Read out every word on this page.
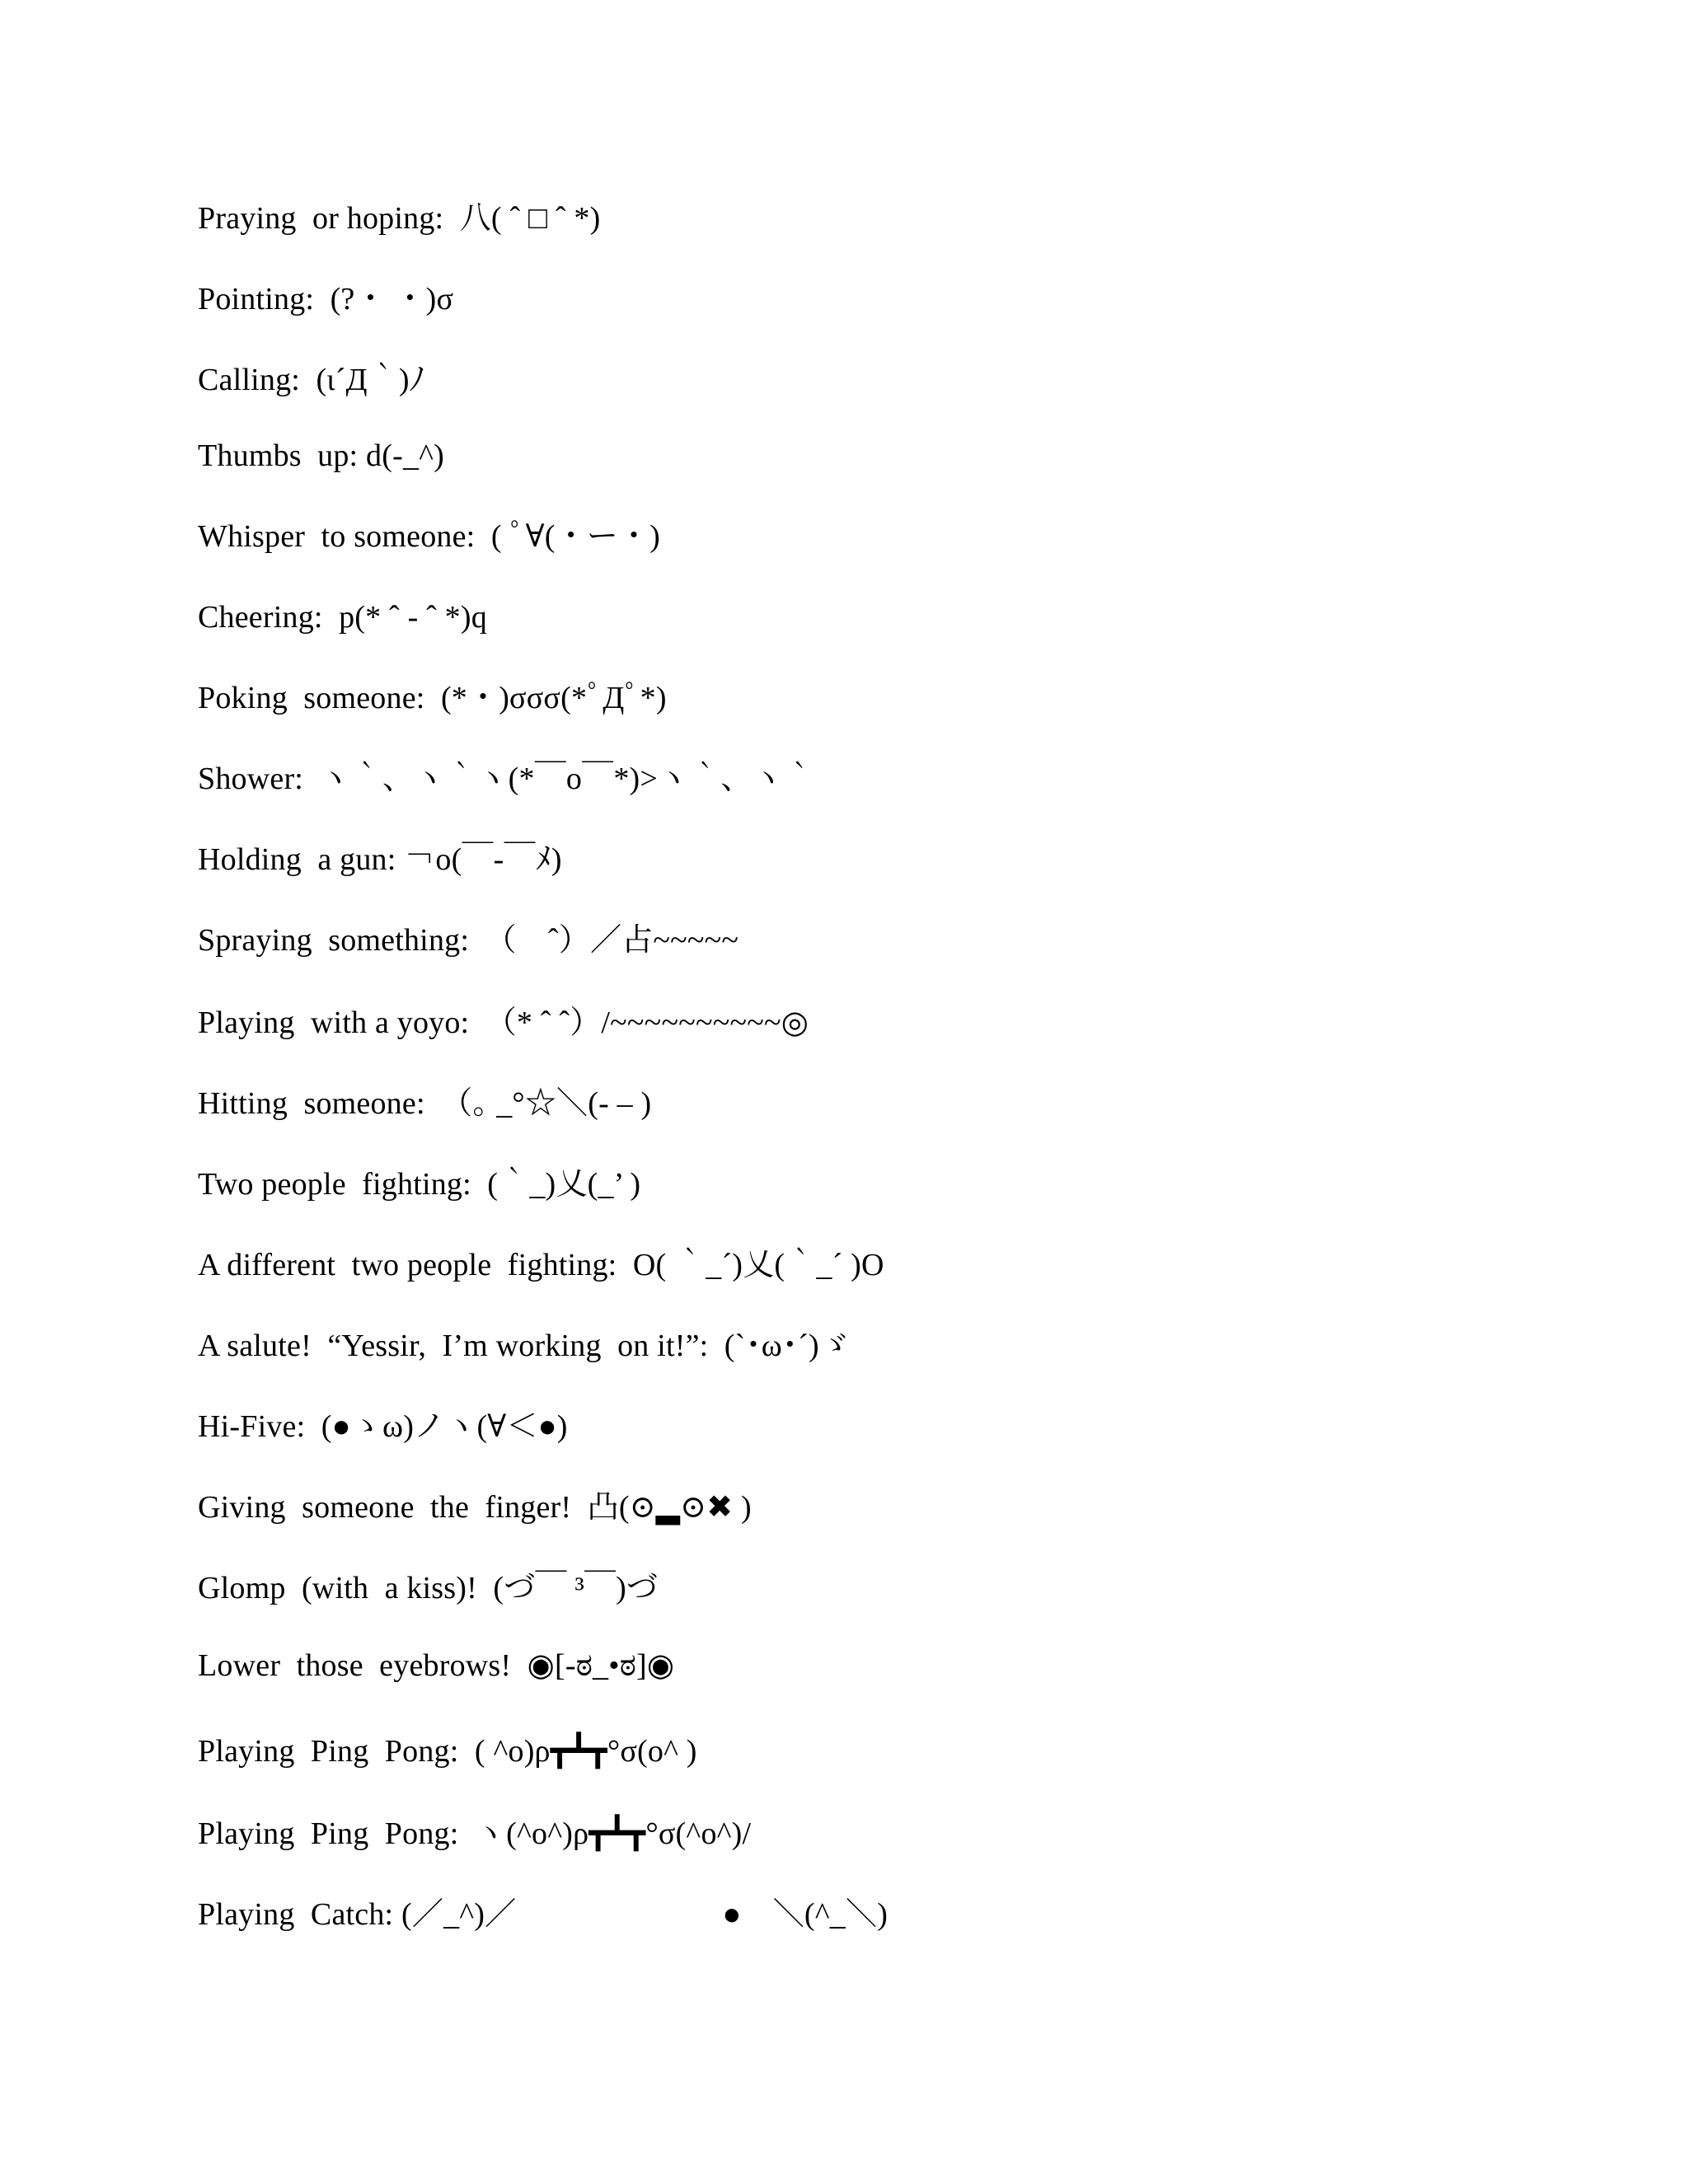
Praying  or hoping: 八( ˆ □ ˆ *)
Pointing: (?・ ・)σ
Calling: (ι´Д｀)ﾉ
Thumbs  up: d(-_^)
Whisper  to someone: ( ﾟ∀(・ー・)
Cheering: p(* ˆ - ˆ *)q
Poking  someone: (*・)σσσ(*ﾟДﾟ*)
Shower: ヽ｀、ヽ｀ヽ(*￣o￣*)>ヽ｀、ヽ｀
Holding  a gun: ￢o(￣-￣ﾒ)
Spraying  something: （　ˆ）／占~~~~~
Playing  with a yoyo: （* ˆ ˆ）/~~~~~~~~~~◎
Hitting  someone: （｡ _°☆＼(- – )
Two people  fighting: (｀_)乂(_’ )
A different  two people  fighting: O( ｀_´)乂(｀_´ )O
A salute!  “Yessir,  I’m working  on it!”: (`･ω･´)ゞ
Hi-Five: (●ゝω)ノヽ(∀＜●)
Giving  someone  the  finger! 凸(⊙▂⊙✖ )
Glomp  (with  a kiss)! (づ￣ ³￣)づ
Lower  those  eyebrows! ◉[-ಠ_•ಠ]◉
Playing  Ping  Pong: ( ^o)ρ┳┻┳°σ(o^ )
Playing  Ping  Pong: ヽ(^o^)ρ┳┻┳°σ(^o^)/
Playing  Catch: (／_^)／	●　＼(^_＼)
